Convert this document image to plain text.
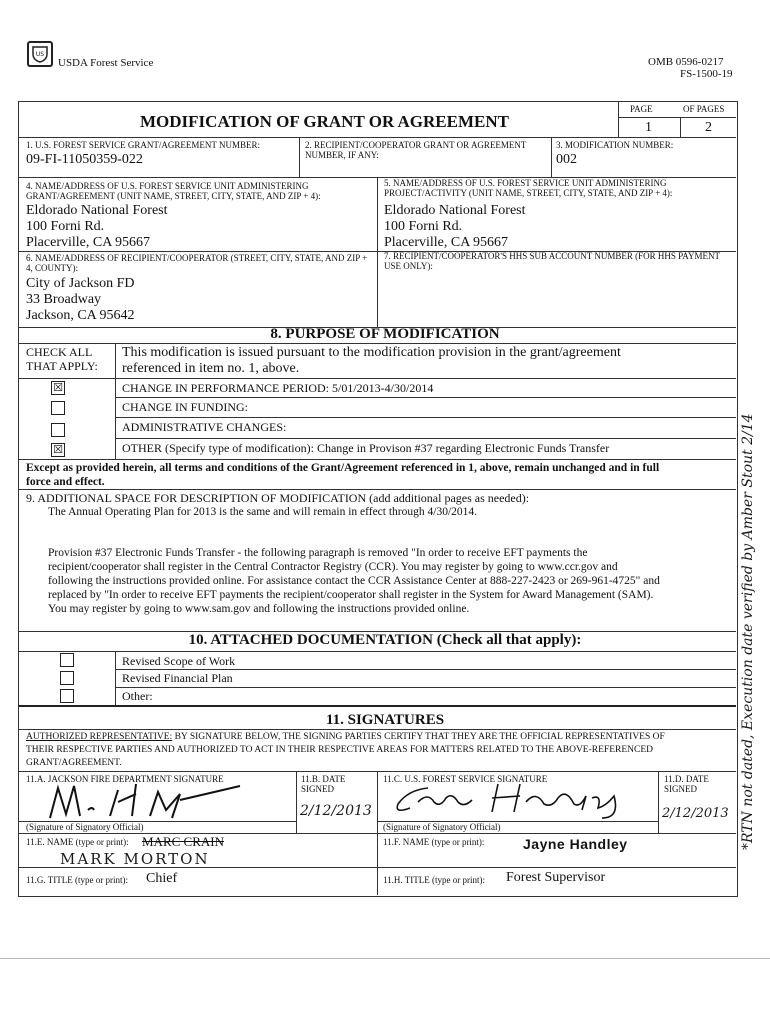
US
USDA Forest Service	OMB 0596-0217
FS-1500-19
MODIFICATION OF GRANT OR AGREEMENT
PAGE	OF PAGES
1	2
1. U.S. FOREST SERVICE GRANT/AGREEMENT NUMBER:
09-FI-11050359-022
2. RECIPIENT/COOPERATOR GRANT OR AGREEMENT NUMBER, IF ANY:
3. MODIFICATION NUMBER:
002
4. NAME/ADDRESS OF U.S. FOREST SERVICE UNIT ADMINISTERING GRANT/AGREEMENT (UNIT NAME, STREET, CITY, STATE, AND ZIP + 4):
Eldorado National Forest
100 Forni Rd.
Placerville, CA 95667
5. NAME/ADDRESS OF U.S. FOREST SERVICE UNIT ADMINISTERING PROJECT/ACTIVITY (UNIT NAME, STREET, CITY, STATE, AND ZIP + 4):
Eldorado National Forest
100 Forni Rd.
Placerville, CA 95667
6. NAME/ADDRESS OF RECIPIENT/COOPERATOR (STREET, CITY, STATE, AND ZIP + 4, COUNTY):
City of Jackson FD
33 Broadway
Jackson, CA 95642
7. RECIPIENT/COOPERATOR'S HHS SUB ACCOUNT NUMBER (FOR HHS PAYMENT USE ONLY):
8. PURPOSE OF MODIFICATION
CHECK ALL
THAT APPLY:
This modification is issued pursuant to the modification provision in the grant/agreement
referenced in item no. 1, above.
☒	CHANGE IN PERFORMANCE PERIOD: 5/01/2013-4/30/2014
CHANGE IN FUNDING:
ADMINISTRATIVE CHANGES:
☒	OTHER (Specify type of modification): Change in Provison #37 regarding Electronic Funds Transfer
Except as provided herein, all terms and conditions of the Grant/Agreement referenced in 1, above, remain unchanged and in full
force and effect.
9. ADDITIONAL SPACE FOR DESCRIPTION OF MODIFICATION (add additional pages as needed):
The Annual Operating Plan for 2013 is the same and will remain in effect through 4/30/2014.
Provision #37 Electronic Funds Transfer - the following paragraph is removed "In order to receive EFT payments the
recipient/cooperator shall register in the Central Contractor Registry (CCR). You may register by going to www.ccr.gov and
following the instructions provided online. For assistance contact the CCR Assistance Center at 888-227-2423 or 269-961-4725" and
replaced by "In order to receive EFT payments the recipient/cooperator shall register in the System for Award Management (SAM).
You may register by going to www.sam.gov and following the instructions provided online.
10. ATTACHED DOCUMENTATION (Check all that apply):
Revised Scope of Work
Revised Financial Plan
Other:
11. SIGNATURES
AUTHORIZED REPRESENTATIVE: BY SIGNATURE BELOW, THE SIGNING PARTIES CERTIFY THAT THEY ARE THE OFFICIAL REPRESENTATIVES OF
THEIR RESPECTIVE PARTIES AND AUTHORIZED TO ACT IN THEIR RESPECTIVE AREAS FOR MATTERS RELATED TO THE ABOVE-REFERENCED
GRANT/AGREEMENT.
11.A. JACKSON FIRE DEPARTMENT SIGNATURE	11.B. DATE SIGNED
11.C. U.S. FOREST SERVICE SIGNATURE	11.D. DATE SIGNED
2/12/2013	2/12/2013
(Signature of Signatory Official)	(Signature of Signatory Official)
11.E. NAME (type or print): MARC CRAIN
MARK MORTON
11.F. NAME (type or print):	Jayne Handley
11.G. TITLE (type or print): Chief	11.H. TITLE (type or print): Forest Supervisor
*RTN not dated, Execution date verified by Amber Stout 2/14
